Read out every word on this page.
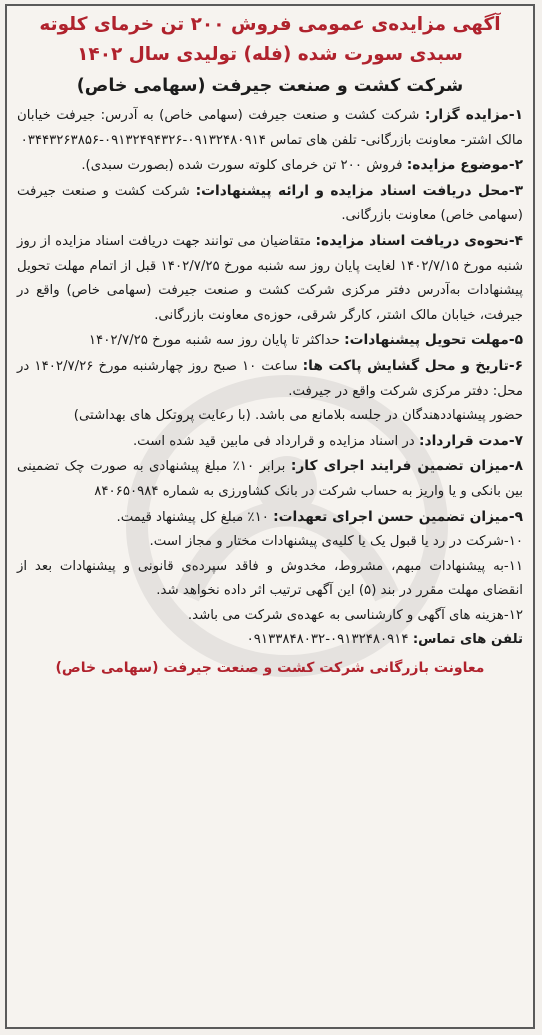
آگهی مزایده‌ی عمومی فروش ۲۰۰ تن خرمای کلوته

سبدی سورت شده (فله) تولیدی سال ۱۴۰۲

شرکت کشت و صنعت جیرفت (سهامی خاص)

۱-مزایده گزار: شرکت کشت و صنعت جیرفت (سهامی خاص) به آدرس: جیرفت خیابان مالک اشتر- معاونت بازرگانی- تلفن های تماس ۰۹۱۳۲۴۸۰۹۱۴-۰۹۱۳۲۴۹۴۳۲۶-۰۳۴۴۳۲۶۳۸۵۶

۲-موضوع مزایده: فروش ۲۰۰ تن خرمای کلوته سورت شده (بصورت سبدی).

۳-محل دریافت اسناد مزایده و ارائه پیشنهادات: شرکت کشت و صنعت جیرفت (سهامی خاص) معاونت بازرگانی.

۴-نحوه‌ی دریافت اسناد مزایده: متقاضیان می توانند جهت دریافت اسناد مزایده از روز شنبه مورخ ۱۴۰۲/۷/۱۵ لغایت پایان روز سه شنبه مورخ ۱۴۰۲/۷/۲۵ قبل از اتمام مهلت تحویل پیشنهادات به‌آدرس دفتر مرکزی شرکت کشت و صنعت جیرفت (سهامی خاص) واقع در جیرفت، خیابان مالک اشتر، کارگر شرقی، حوزه‌ی معاونت بازرگانی.

۵-مهلت تحویل پیشنهادات: حداکثر تا پایان روز سه شنبه مورخ ۱۴۰۲/۷/۲۵

۶-تاریخ و محل گشایش پاکت ها: ساعت ۱۰ صبح روز چهارشنبه مورخ ۱۴۰۲/۷/۲۶ در محل: دفتر مرکزی شرکت واقع در جیرفت.

حضور پیشنهاددهندگان در جلسه بلامانع می باشد. (با رعایت پروتکل های بهداشتی)

۷-مدت قرارداد: در اسناد مزایده و قرارداد فی مابین قید شده است.

۸-میزان تضمین فرایند اجرای کار: برابر ۱۰٪ مبلغ پیشنهادی به صورت چک تضمینی بین بانکی و یا واریز به حساب شرکت در بانک کشاورزی به شماره ۸۴۰۶۵۰۹۸۴

۹-میزان تضمین حسن اجرای تعهدات: ۱۰٪ مبلغ کل پیشنهاد قیمت.

۱۰-شرکت در رد یا قبول یک یا کلیه‌ی پیشنهادات مختار و مجاز است.

۱۱-به پیشنهادات مبهم، مشروط، مخدوش و فاقد سپرده‌ی قانونی و پیشنهادات بعد از انقضای مهلت مقرر در بند (۵) این آگهی ترتیب اثر داده نخواهد شد.

۱۲-هزینه های آگهی و کارشناسی به عهده‌ی شرکت می باشد.

تلفن های تماس: ۰۹۱۳۲۴۸۰۹۱۴-۰۹۱۳۳۸۴۸۰۳۲

معاونت بازرگانی شرکت کشت و صنعت جیرفت (سهامی خاص)
